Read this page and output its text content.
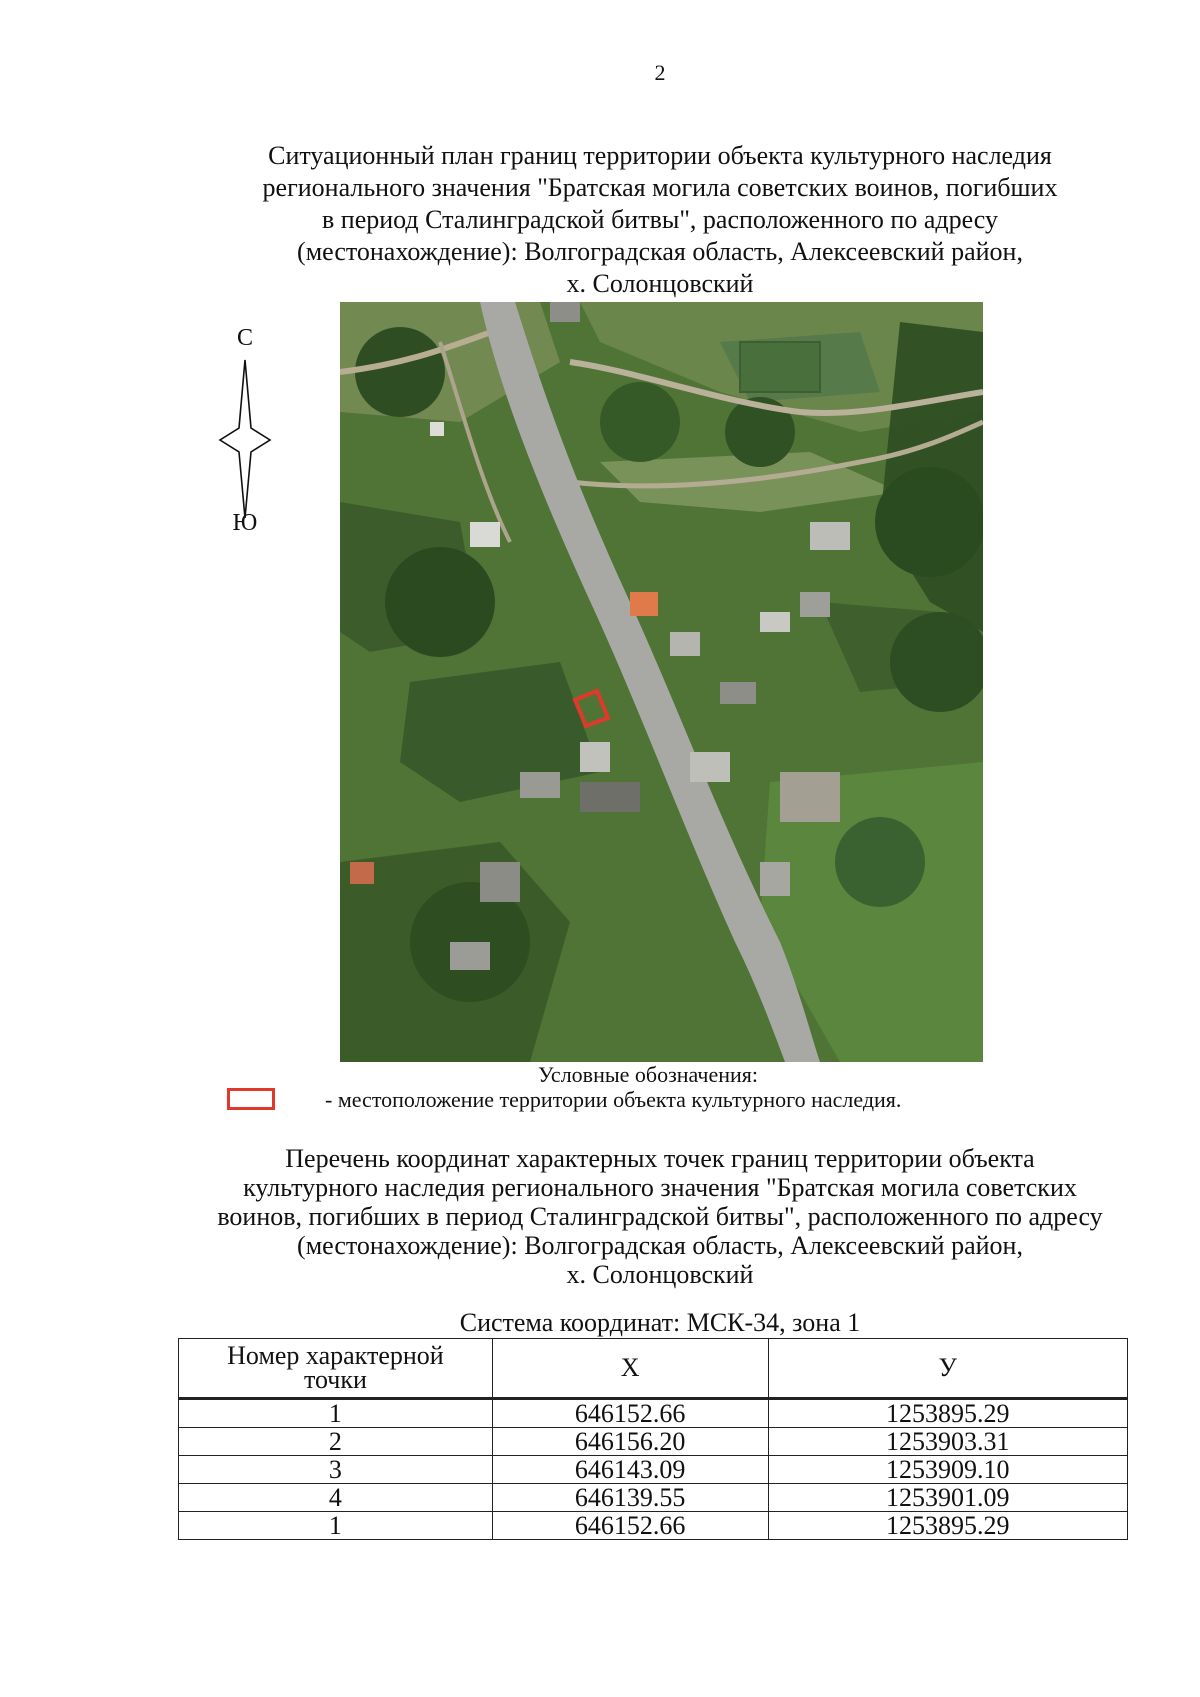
2
Ситуационный план границ территории объекта культурного наследия
регионального значения "Братская могила советских воинов, погибших
в период Сталинградской битвы", расположенного по адресу
(местонахождение): Волгоградская область, Алексеевский район,
х. Солонцовский
С
Ю
Условные обозначения:
- местоположение территории объекта культурного наследия.
Перечень координат характерных точек границ территории объекта
культурного наследия регионального значения "Братская могила советских
воинов, погибших в период Сталинградской битвы", расположенного по адресу
(местонахождение): Волгоградская область, Алексеевский район,
х. Солонцовский
Система координат: МСК-34, зона 1
Номер характерной точки	X	У
1	646152.66	1253895.29
2	646156.20	1253903.31
3	646143.09	1253909.10
4	646139.55	1253901.09
1	646152.66	1253895.29
